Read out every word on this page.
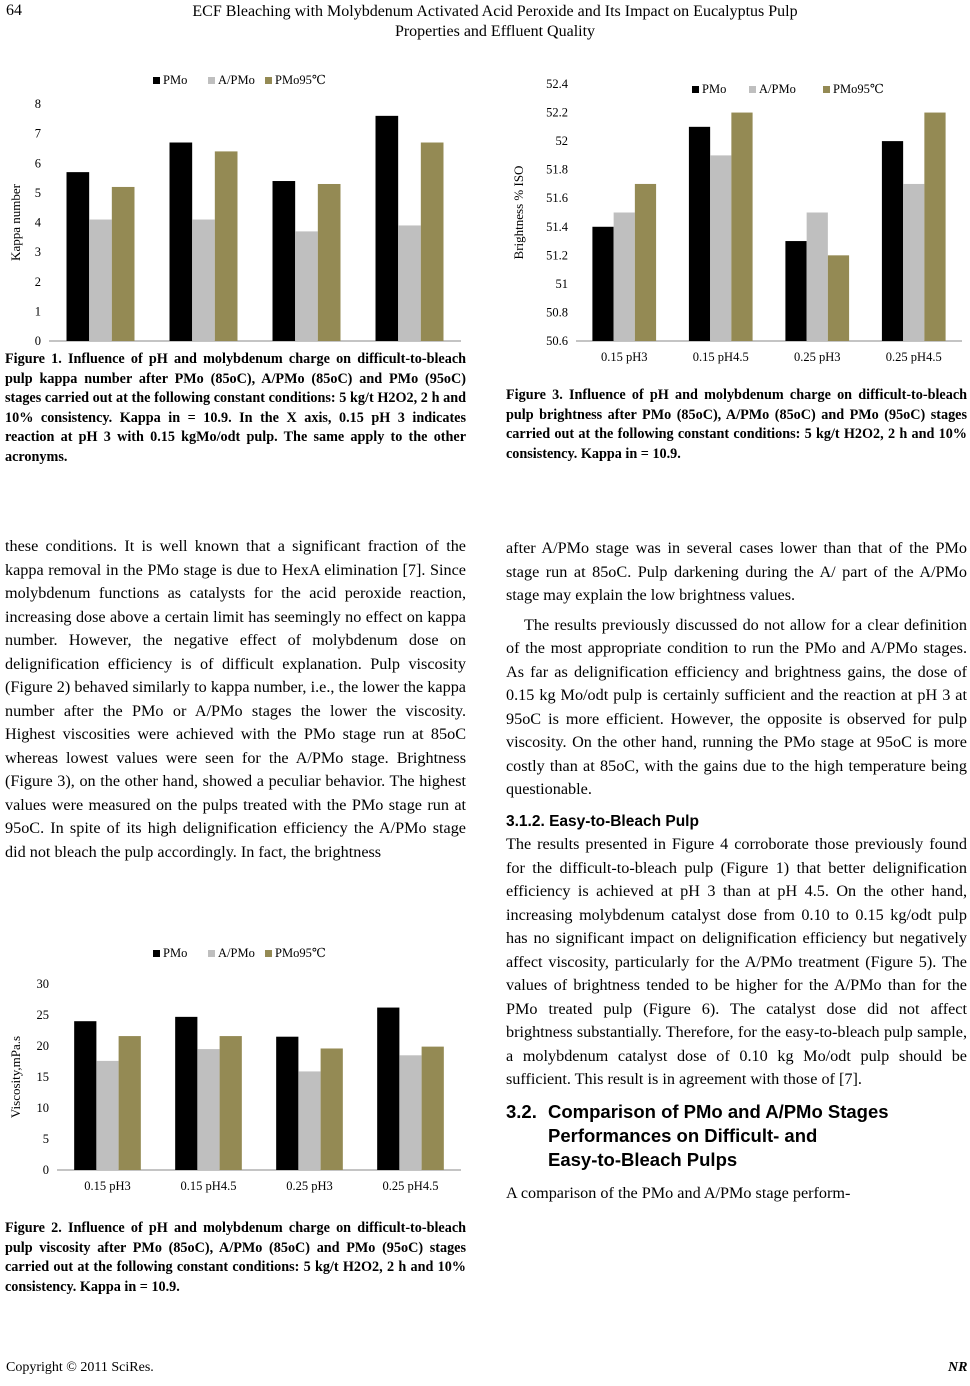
64	ECF Bleaching with Molybdenum Activated Acid Peroxide and Its Impact on Eucalyptus Pulp
Properties and Effluent Quality
0
1
2
3
4
5
6
7
8
Kappa number
PMo A/PMo PMo95℃
Figure 1. Influence of pH and molybdenum charge on difficult-to-bleach pulp kappa number after PMo (85oC), A/PMo (85oC) and PMo (95oC) stages carried out at the following constant conditions: 5 kg/t H2O2, 2 h and 10% consistency. Kappa in = 10.9. In the X axis, 0.15 pH 3 indicates reaction at pH 3 with 0.15 kgMo/odt pulp. The same apply to the other acronyms.

these conditions. It is well known that a significant fraction of the kappa removal in the PMo stage is due to HexA elimination [7]. Since molybdenum functions as catalysts for the acid peroxide reaction, increasing dose above a certain limit has seemingly no effect on kappa number. However, the negative effect of molybdenum dose on delignification efficiency is of difficult explanation. Pulp viscosity (Figure 2) behaved similarly to kappa number, i.e., the lower the kappa number after the PMo or A/PMo stages the lower the viscosity. Highest viscosities were achieved with the PMo stage run at 85oC whereas lowest values were seen for the A/PMo stage. Brightness (Figure 3), on the other hand, showed a peculiar behavior. The highest values were measured on the pulps treated with the PMo stage run at 95oC. In spite of its high delignification efficiency the A/PMo stage did not bleach the pulp accordingly. In fact, the brightness

0
5
10
15
20
25
30
Viscosity,mPa.s
0.15 pH3	0.15 pH4.5	0.25 pH3	0.25 pH4.5
PMo A/PMo PMo95℃
Figure 2. Influence of pH and molybdenum charge on difficult-to-bleach pulp viscosity after PMo (85oC), A/PMo (85oC) and PMo (95oC) stages carried out at the following constant conditions: 5 kg/t H2O2, 2 h and 10% consistency. Kappa in = 10.9.
50.6
50.8
51
51.2
51.4
51.6
51.8
52
52.2
52.4
Brightness % ISO
0.15 pH3	0.15 pH4.5	0.25 pH3	0.25 pH4.5
PMo	A/PMo	PMo95℃
Figure 3. Influence of pH and molybdenum charge on difficult-to-bleach pulp brightness after PMo (85oC), A/PMo (85oC) and PMo (95oC) stages carried out at the following constant conditions: 5 kg/t H2O2, 2 h and 10% consistency. Kappa in = 10.9.

after A/PMo stage was in several cases lower than that of the PMo stage run at 85oC. Pulp darkening during the A/ part of the A/PMo stage may explain the low brightness values.

The results previously discussed do not allow for a clear definition of the most appropriate condition to run the PMo and A/PMo stages. As far as delignification efficiency and brightness gains, the dose of 0.15 kg Mo/odt pulp is certainly sufficient and the reaction at pH 3 at 95oC is more efficient. However, the opposite is observed for pulp viscosity. On the other hand, running the PMo stage at 95oC is more costly than at 85oC, with the gains due to the high temperature being questionable.

3.1.2. Easy-to-Bleach Pulp

The results presented in Figure 4 corroborate those previously found for the difficult-to-bleach pulp (Figure 1) that better delignification efficiency is achieved at pH 3 than at pH 4.5. On the other hand, increasing molybdenum catalyst dose from 0.10 to 0.15 kg/odt pulp has no significant impact on delignification efficiency but negatively affect viscosity, particularly for the A/PMo treatment (Figure 5). The values of brightness tended to be higher for the A/PMo than for the PMo treated pulp (Figure 6). The catalyst dose did not affect brightness substantially. Therefore, for the easy-to-bleach pulp sample, a molybdenum catalyst dose of 0.10 kg Mo/odt pulp should be sufficient. This result is in agreement with those of [7].

3.2. Comparison of PMo and A/PMo Stages
Performances on Difficult- and
Easy-to-Bleach Pulps

A comparison of the PMo and A/PMo stage perform-

Copyright © 2011 SciRes.	NR
